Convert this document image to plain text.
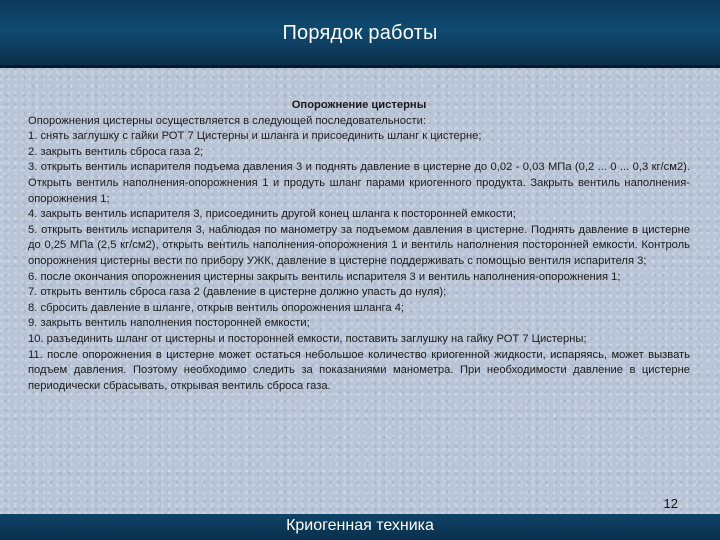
Порядок работы
Опорожнение цистерны

Опорожнения цистерны осуществляется в следующей последовательности:

1. снять заглушку с гайки РОТ 7 Цистерны и шланга и присоединить шланг к цистерне;

2. закрыть вентиль сброса газа 2;

3. открыть вентиль испарителя подъема давления 3 и поднять давление в цистерне до 0,02 - 0,03 МПа (0,2 ... 0 ... 0,3 кг/см2). Открыть вентиль наполнения-опорожнения 1 и продуть шланг парами криогенного продукта. Закрыть вентиль наполнения-опорожнения 1;

4. закрыть вентиль испарителя 3, присоединить другой конец шланга к посторонней емкости;

5. открыть вентиль испарителя 3, наблюдая по манометру за подъемом давления в цистерне. Поднять давление в цистерне до 0,25 МПа (2,5 кг/см2), открыть вентиль наполнения-опорожнения 1 и вентиль наполнения посторонней емкости. Контроль опорожнения цистерны вести по прибору УЖК, давление в цистерне поддерживать с помощью вентиля испарителя 3;

6. после окончания опорожнения цистерны закрыть вентиль испарителя 3 и вентиль наполнения-опорожнения 1;

7. открыть вентиль сброса газа 2 (давление в цистерне должно упасть до нуля);

8. сбросить давление в шланге, открыв вентиль опорожнения шланга 4;

9. закрыть вентиль наполнения посторонней емкости;

10. разъединить шланг от цистерны и посторонней емкости, поставить заглушку на гайку РОТ 7 Цистерны;

11. после опорожнения в цистерне может остаться небольшое количество криогенной жидкости, испаряясь, может вызвать подъем давления. Поэтому необходимо следить за показаниями манометра. При необходимости давление в цистерне периодически сбрасывать, открывая вентиль сброса газа.

12
Криогенная техника
